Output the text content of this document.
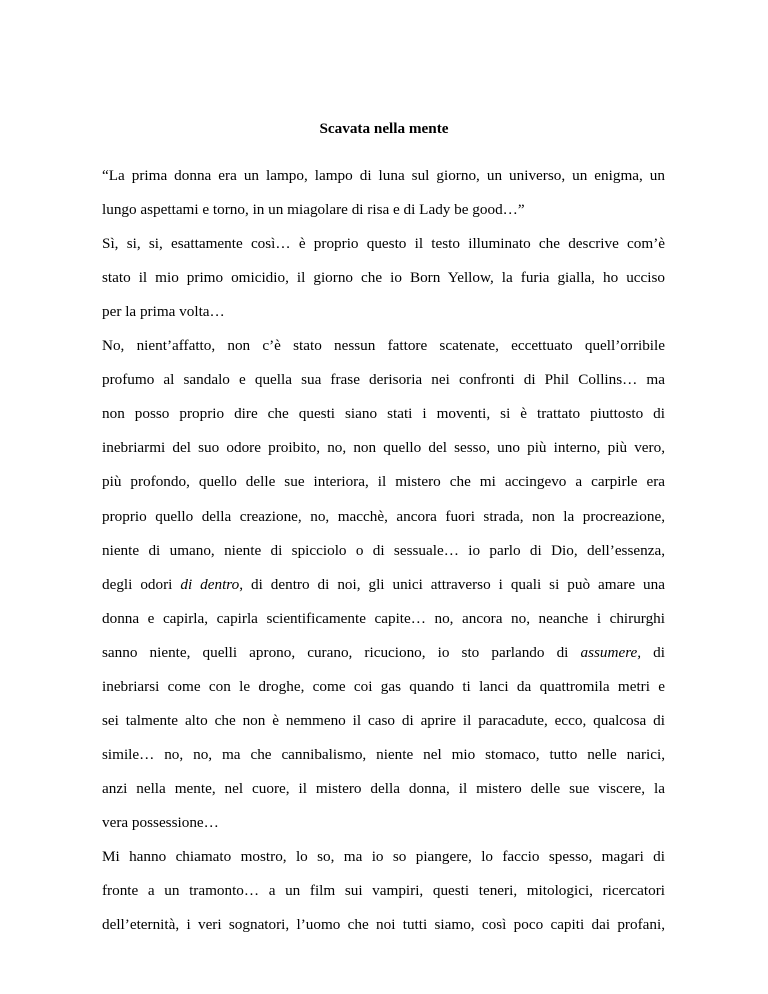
Scavata nella mente
“La prima donna era un lampo, lampo di luna sul giorno, un universo, un enigma, un
lungo aspettami e torno, in un miagolare di risa e di Lady be good…”
Sì, si, si, esattamente così… è proprio questo il testo illuminato che descrive com’è
stato il mio primo omicidio, il giorno che io Born Yellow, la furia gialla, ho ucciso
per la prima volta…
No, nient’affatto, non c’è stato nessun fattore scatenate, eccettuato quell’orribile
profumo al sandalo e quella sua frase derisoria nei confronti di Phil Collins… ma
non posso proprio dire che questi siano stati i moventi, si è trattato piuttosto di
inebriarmi del suo odore proibito, no, non quello del sesso, uno più interno, più vero,
più profondo, quello delle sue interiora, il mistero che mi accingevo a carpirle era
proprio quello della creazione, no, macchè, ancora fuori strada, non la procreazione,
niente di umano, niente di spicciolo o di sessuale… io parlo di Dio, dell’essenza,
degli odori di dentro, di dentro di noi, gli unici attraverso i quali si può amare una
donna e capirla, capirla scientificamente capite… no, ancora no, neanche i chirurghi
sanno niente, quelli aprono, curano, ricuciono, io sto parlando di assumere, di
inebriarsi come con le droghe, come coi gas quando ti lanci da quattromila metri e
sei talmente alto che non è nemmeno il caso di aprire il paracadute, ecco, qualcosa di
simile… no, no, ma che cannibalismo, niente nel mio stomaco, tutto nelle narici,
anzi nella mente, nel cuore, il mistero della donna, il mistero delle sue viscere, la
vera possessione…
Mi hanno chiamato mostro, lo so, ma io so piangere, lo faccio spesso, magari di
fronte a un tramonto… a un film sui vampiri, questi teneri, mitologici, ricercatori
dell’eternità, i veri sognatori, l’uomo che noi tutti siamo, così poco capiti dai profani,
